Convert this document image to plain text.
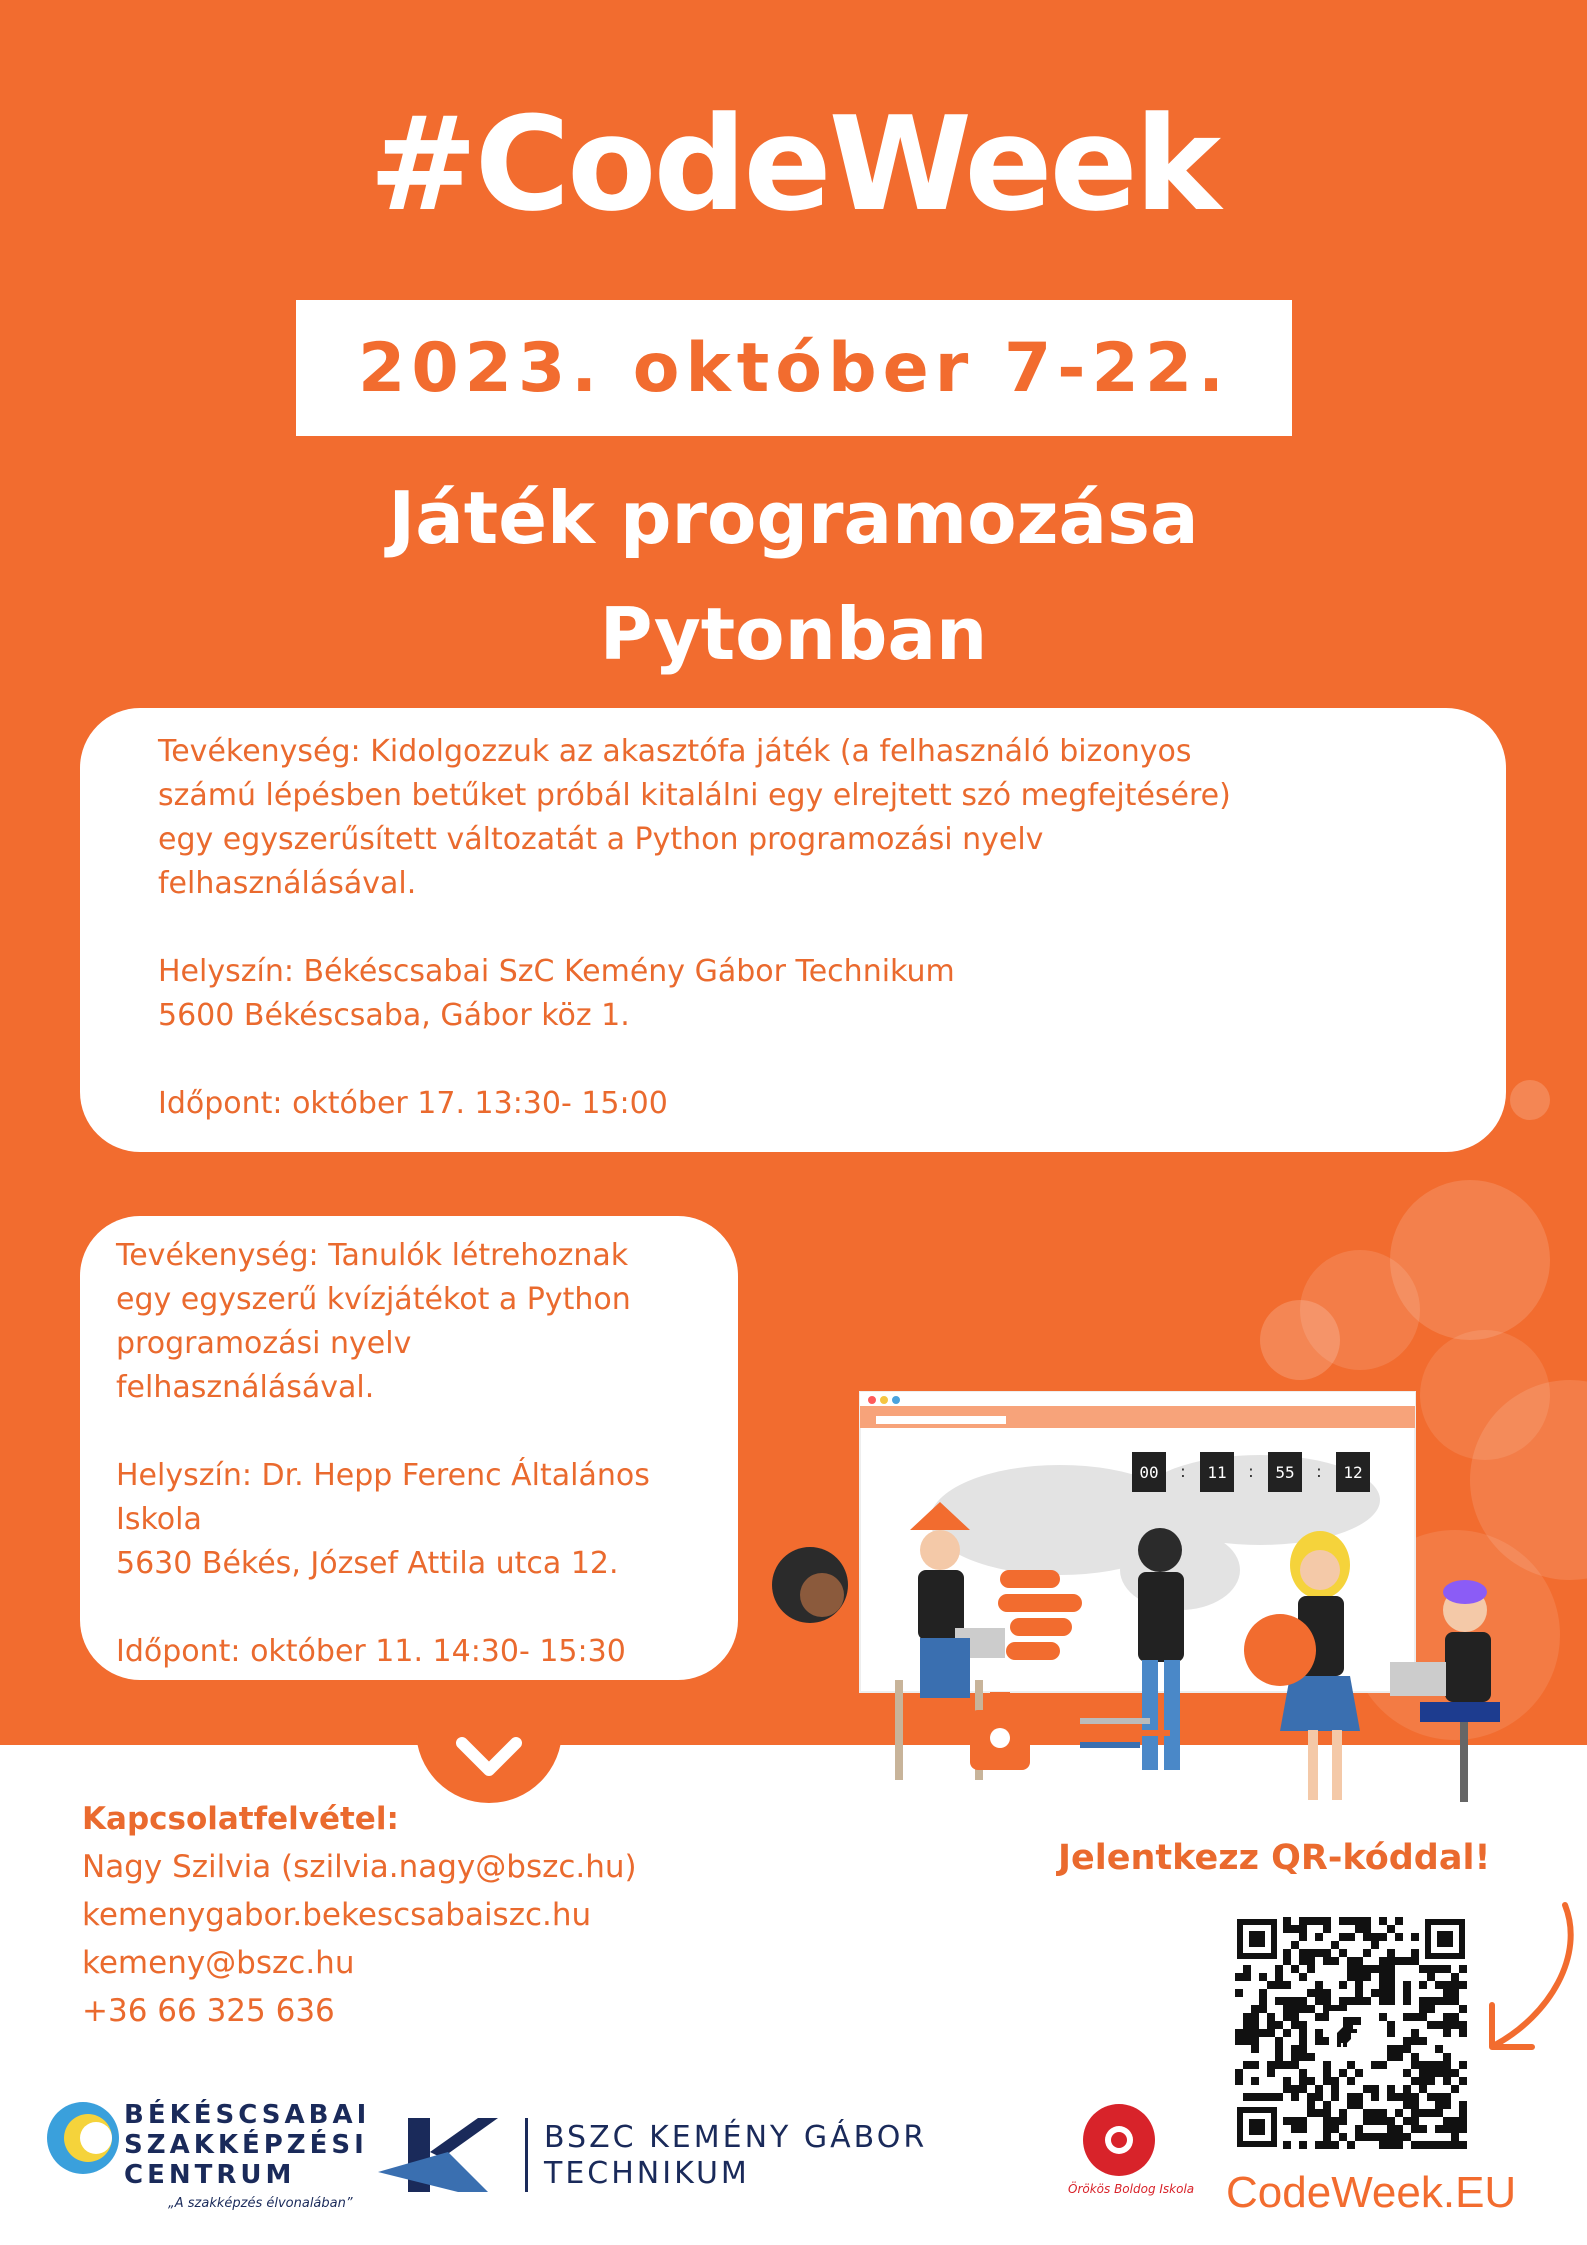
#CodeWeek
2023. október 7-22.
Játék programozása
Pytonban

Tevékenység: Kidolgozzuk az akasztófa játék (a felhasználó bizonyos

számú lépésben betűket próbál kitalálni egy elrejtett szó megfejtésére)

egy egyszerűsített változatát a Python programozási nyelv

felhasználásával.

Helyszín: Békéscsabai SzC Kemény Gábor Technikum

5600 Békéscsaba, Gábor köz 1.

Időpont: október 17. 13:30- 15:00

Tevékenység: Tanulók létrehoznak

egy egyszerű kvízjátékot a Python

programozási nyelv

felhasználásával.

Helyszín: Dr. Hepp Ferenc Általános

Iskola

5630 Békés, József Attila utca 12.

Időpont: október 11. 14:30- 15:30

00	11	55	12
:	:	:
Kapcsolatfelvétel:
Nagy Szilvia (szilvia.nagy@bszc.hu)
kemenygabor.bekescsabaiszc.hu
kemeny@bszc.hu
+36 66 325 636
Jelentkezz QR-kóddal!
BÉKÉSCSABAI
SZAKKÉPZÉSI
CENTRUM
„A szakképzés élvonalában”
BSZC KEMÉNY GÁBOR
TECHNIKUM	Örökös Boldog Iskola CodeWeek.EU
